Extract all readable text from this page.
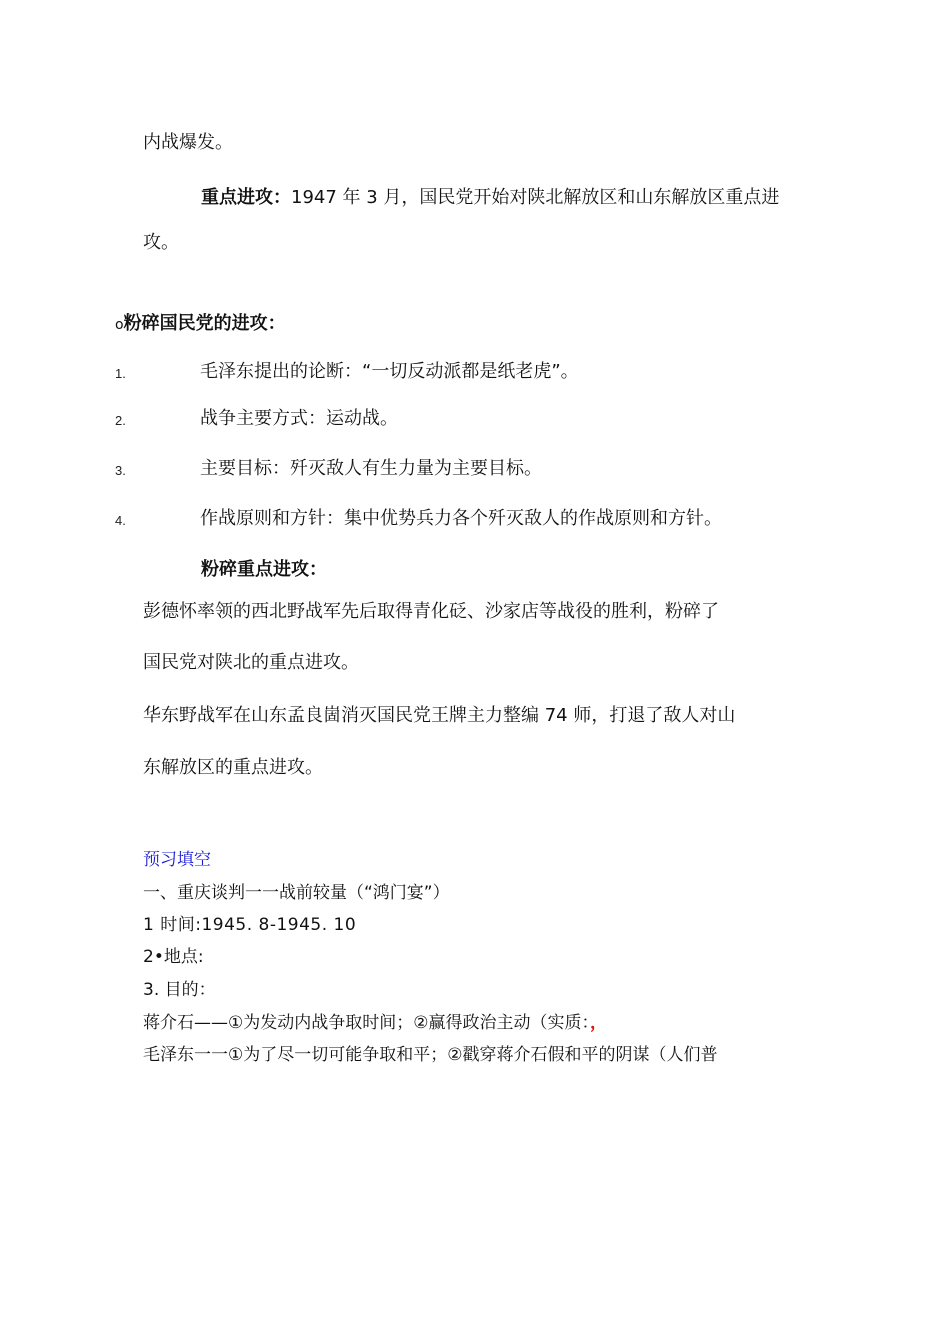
内战爆发。
重点进攻：1947 年 3 月，国民党开始对陕北解放区和山东解放区重点进
攻。
o粉碎国民党的进攻：
1.	毛泽东提出的论断：“一切反动派都是纸老虎”。
2.	战争主要方式：运动战。
3.	主要目标：歼灭敌人有生力量为主要目标。
4.	作战原则和方针：集中优势兵力各个歼灭敌人的作战原则和方针。
粉碎重点进攻：
彭德怀率领的西北野战军先后取得青化砭、沙家店等战役的胜利，粉碎了
国民党对陕北的重点进攻。
华东野战军在山东孟良崮消灭国民党王牌主力整编 74 师，打退了敌人对山
东解放区的重点进攻。
预习填空
一、重庆谈判一一战前较量（“鸿门宴”）
1 时间:1945. 8-1945. 10
2•地点:
3. 目的：
蒋介石——①为发动内战争取时间；②赢得政治主动（实质：，
毛泽东一一①为了尽一切可能争取和平；②戳穿蒋介石假和平的阴谋（人们普
